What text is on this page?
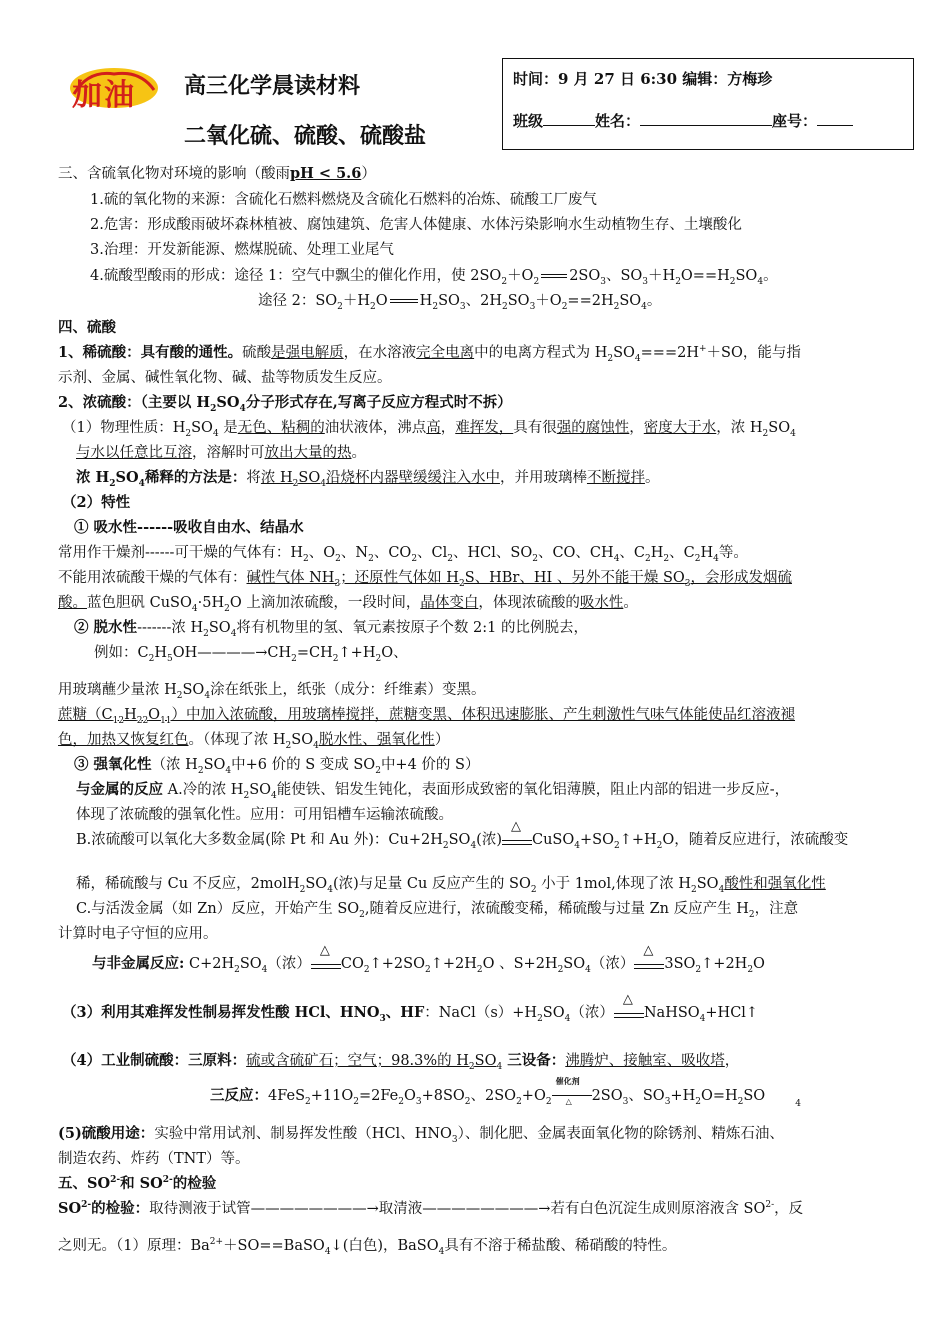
加油 高三化学晨读材料
二氧化硫、硫酸、硫酸盐
时间：9 月 27 日 6:30 编辑：方梅珍
班级	姓名：	座号：
三、含硫氧化物对环境的影响（酸雨pH < 5.6）
1.硫的氧化物的来源：含硫化石燃料燃烧及含硫化石燃料的冶炼、硫酸工厂废气
2.危害：形成酸雨破坏森林植被、腐蚀建筑、危害人体健康、水体污染影响水生动植物生存、土壤酸化
3.治理：开发新能源、燃煤脱硫、处理工业尾气
4.硫酸型酸雨的形成：途径 1：空气中飘尘的催化作用，使 $2SO_2+O_2$ $2SO_3$、$SO_3+H_2O==H_2SO_4$。
途径 2：$SO_2+H_2O$ $H_2SO_3$、$2H_2SO_3+O_2==2H_2SO_4$。
四、硫酸
1、稀硫酸：具有酸的通性。硫酸是强电解质，在水溶液完全电离中的电离方程式为 $H_2SO_4===2H^++SO$，能与指
示剂、金属、碱性氧化物、碱、盐等物质发生反应。
2、浓硫酸：（主要以 $H_2SO_4$分子形式存在,写离子反应方程式时不拆）
（1）物理性质：$H_2SO_4$ 是无色、粘稠的油状液体，沸点高，难挥发，具有很强的腐蚀性，密度大于水，浓 $H_2SO_4$
与水以任意比互溶，溶解时可放出大量的热。
浓 $H_2SO_4$稀释的方法是：将浓 $H_2SO_4$沿烧杯内器壁缓缓注入水中，并用玻璃棒不断搅拌。
（2）特性
① 吸水性------吸收自由水、结晶水
常用作干燥剂------可干燥的气体有：$H_2$、$O_2$、$N_2$、$CO_2$、$Cl_2$、HCl、$SO_2$、CO、$CH_4$、$C_2H_2$、$C_2H_4$等。
不能用浓硫酸干燥的气体有：碱性气体 $NH_3$；还原性气体如 $H_2S$、HBr、HI 、另外不能干燥 $SO_3$，会形成发烟硫
酸。蓝色胆矾 $CuSO_4\cdot 5H_2O$ 上滴加浓硫酸，一段时间，晶体变白，体现浓硫酸的吸水性。
② 脱水性-------浓 $H_2SO_4$将有机物里的氢、氧元素按原子个数 2:1 的比例脱去，
例如：$C_2H_5OH————\to CH_2=CH_2↑+H_2O$、
用玻璃蘸少量浓 $H_2SO_4$涂在纸张上，纸张（成分：纤维素）变黑。
蔗糖$(C_{12}H_{22}O_{11})$中加入浓硫酸，用玻璃棒搅拌，蔗糖变黑、体积迅速膨胀、产生刺激性气味气体能使品红溶液褪
色，加热又恢复红色。（体现了浓 $H_2SO_4$脱水性、强氧化性）
③ 强氧化性（浓 $H_2SO_4$中+6 价的 S 变成 $SO_2$中+4 价的 S）
与金属的反应 A.冷的浓 $H_2SO_4$能使铁、铝发生钝化，表面形成致密的氧化铝薄膜，阻止内部的铝进一步反应-，
体现了浓硫酸的强氧化性。应用：可用铝槽车运输浓硫酸。
B.浓硫酸可以氧化大多数金属(除 Pt 和 Au 外)：$Cu+2H_2SO_4$(浓)
△
$CuSO_4+SO_2↑+H_2O$，随着反应进行，浓硫酸变
稀，稀硫酸与 Cu 不反应，$2molH_2SO_4$(浓)与足量 Cu 反应产生的 $SO_2$ 小于 1mol,体现了浓 $H_2SO_4$酸性和强氧化性
C.与活泼金属（如 Zn）反应，开始产生 $SO_2$,随着反应进行，浓硫酸变稀，稀硫酸与过量 Zn 反应产生 $H_2$，注意
计算时电子守恒的应用。
与非金属反应: $C+2H_2SO_4$（浓）
△
$CO_2↑+2SO_2↑+2H_2O$ 、$S+2H_2SO_4$（浓）
△
$3SO_2↑+2H_2O$
（3）利用其难挥发性制易挥发性酸 HCl、$HNO_3$、HF：$NaCl(s)+H_2SO_4$（浓）
△
NaHSO$_4$+HCl↑
（4）工业制硫酸：三原料：硫或含硫矿石；空气；98.3%的 $H_2SO_4$ 三设备：沸腾炉、接触室、吸收塔，
三反应：$4FeS_2+11O_2=2Fe_2O_3+8SO_2$、$2SO_2+O_2$
催化剂
△ $2SO_3$、$SO_3+H_2O=H_2SO$	$_4$
(5)硫酸用途：实验中常用试剂、制易挥发性酸（HCl、$HNO_3$）、制化肥、金属表面氧化物的除锈剂、精炼石油、
制造农药、炸药（TNT）等。
五、$SO^{2-}$和 $SO^{2-}$的检验
$SO^{2-}$的检验：取待测液于试管————————→取清液————————→若有白色沉淀生成则原溶液含 $SO^{2-}$，反
之则无。（1）原理：$Ba^{2+}+SO==BaSO_4↓$(白色)，BaSO$_4$具有不溶于稀盐酸、稀硝酸的特性。
